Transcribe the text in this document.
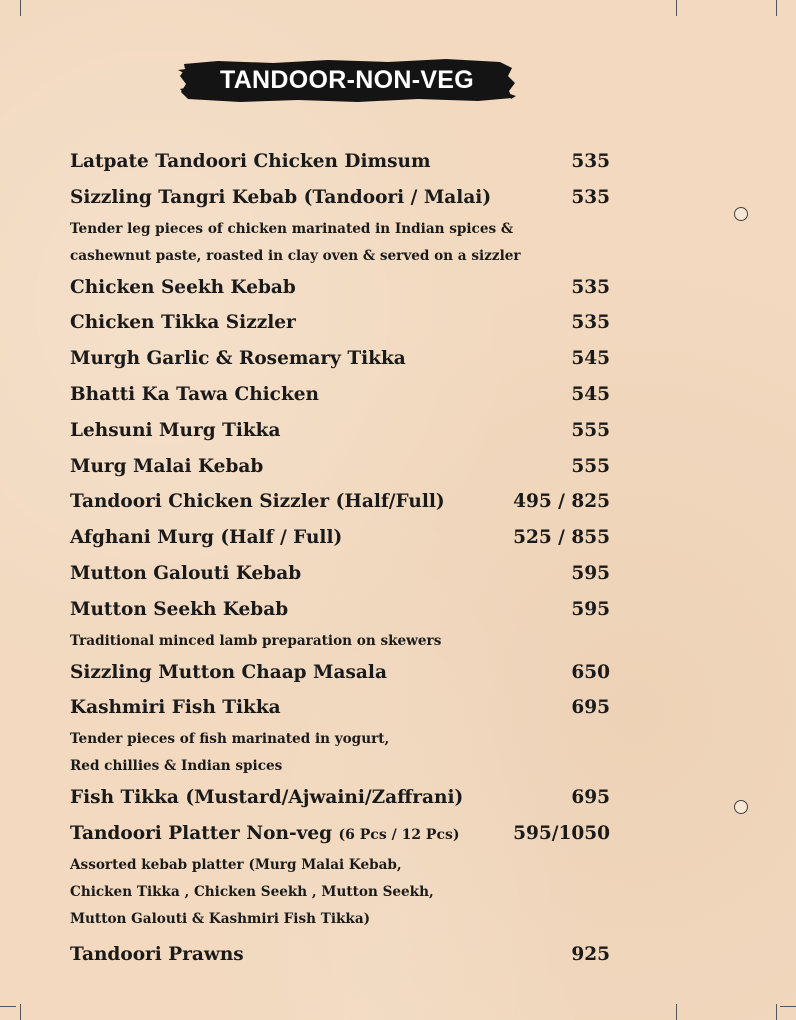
TANDOOR-NON-VEG
Latpate Tandoori Chicken Dimsum	535
Sizzling Tangri Kebab (Tandoori / Malai)	535
Tender leg pieces of chicken marinated in Indian spices &
cashewnut paste, roasted in clay oven & served on a sizzler
Chicken Seekh Kebab	535
Chicken Tikka Sizzler	535
Murgh Garlic & Rosemary Tikka	545
Bhatti Ka Tawa Chicken	545
Lehsuni Murg Tikka	555
Murg Malai Kebab	555
Tandoori Chicken Sizzler (Half/Full)	495 / 825
Afghani Murg (Half / Full)	525 / 855
Mutton Galouti Kebab	595
Mutton Seekh Kebab	595
Traditional minced lamb preparation on skewers
Sizzling Mutton Chaap Masala	650
Kashmiri Fish Tikka	695
Tender pieces of fish marinated in yogurt,
Red chillies & Indian spices
Fish Tikka (Mustard/Ajwaini/Zaffrani)	695
Tandoori Platter Non-veg (6 Pcs / 12 Pcs)	595/1050
Assorted kebab platter (Murg Malai Kebab,
Chicken Tikka , Chicken Seekh , Mutton Seekh,
Mutton Galouti & Kashmiri Fish Tikka)
Tandoori Prawns	925
